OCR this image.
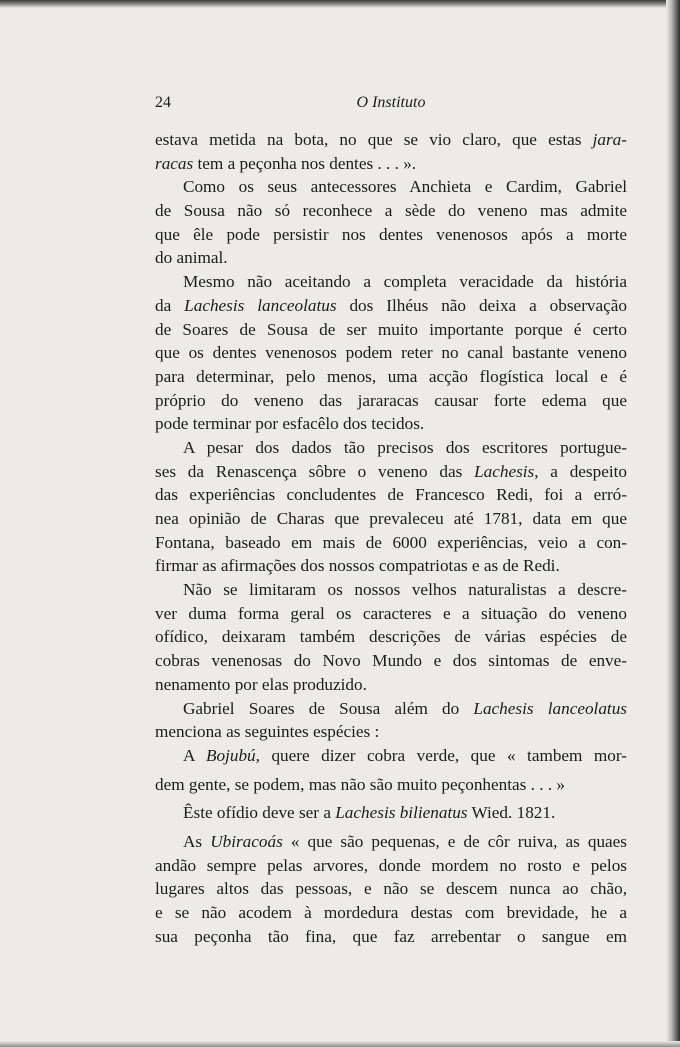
24	O Instituto
estava metida na bota, no que se vio claro, que estas jara-
racas tem a peçonha nos dentes . . . ».
Como os seus antecessores Anchieta e Cardim, Gabriel
de Sousa não só reconhece a sède do veneno mas admite
que êle pode persistir nos dentes venenosos após a morte
do animal.
Mesmo não aceitando a completa veracidade da história
da Lachesis lanceolatus dos Ilhéus não deixa a observação
de Soares de Sousa de ser muito importante porque é certo
que os dentes venenosos podem reter no canal bastante veneno
para determinar, pelo menos, uma acção flogística local e é
próprio do veneno das jararacas causar forte edema que
pode terminar por esfacêlo dos tecidos.
A pesar dos dados tão precisos dos escritores portugue-
ses da Renascença sôbre o veneno das Lachesis, a despeito
das experiências concludentes de Francesco Redi, foi a erró-
nea opinião de Charas que prevaleceu até 1781, data em que
Fontana, baseado em mais de 6000 experiências, veio a con-
firmar as afirmações dos nossos compatriotas e as de Redi.
Não se limitaram os nossos velhos naturalistas a descre-
ver duma forma geral os caracteres e a situação do veneno
ofídico, deixaram também descrições de várias espécies de
cobras venenosas do Novo Mundo e dos sintomas de enve-
nenamento por elas produzido.
Gabriel Soares de Sousa além do Lachesis lanceolatus
menciona as seguintes espécies :
A Bojubú, quere dizer cobra verde, que « tambem mor-
dem gente, se podem, mas não são muito peçonhentas . . . »
Êste ofídio deve ser a Lachesis bilienatus Wied. 1821.
As Ubiracoás « que são pequenas, e de côr ruiva, as quaes
andão sempre pelas arvores, donde mordem no rosto e pelos
lugares altos das pessoas, e não se descem nunca ao chão,
e se não acodem à mordedura destas com brevidade, he a
sua peçonha tão fina, que faz arrebentar o sangue em
